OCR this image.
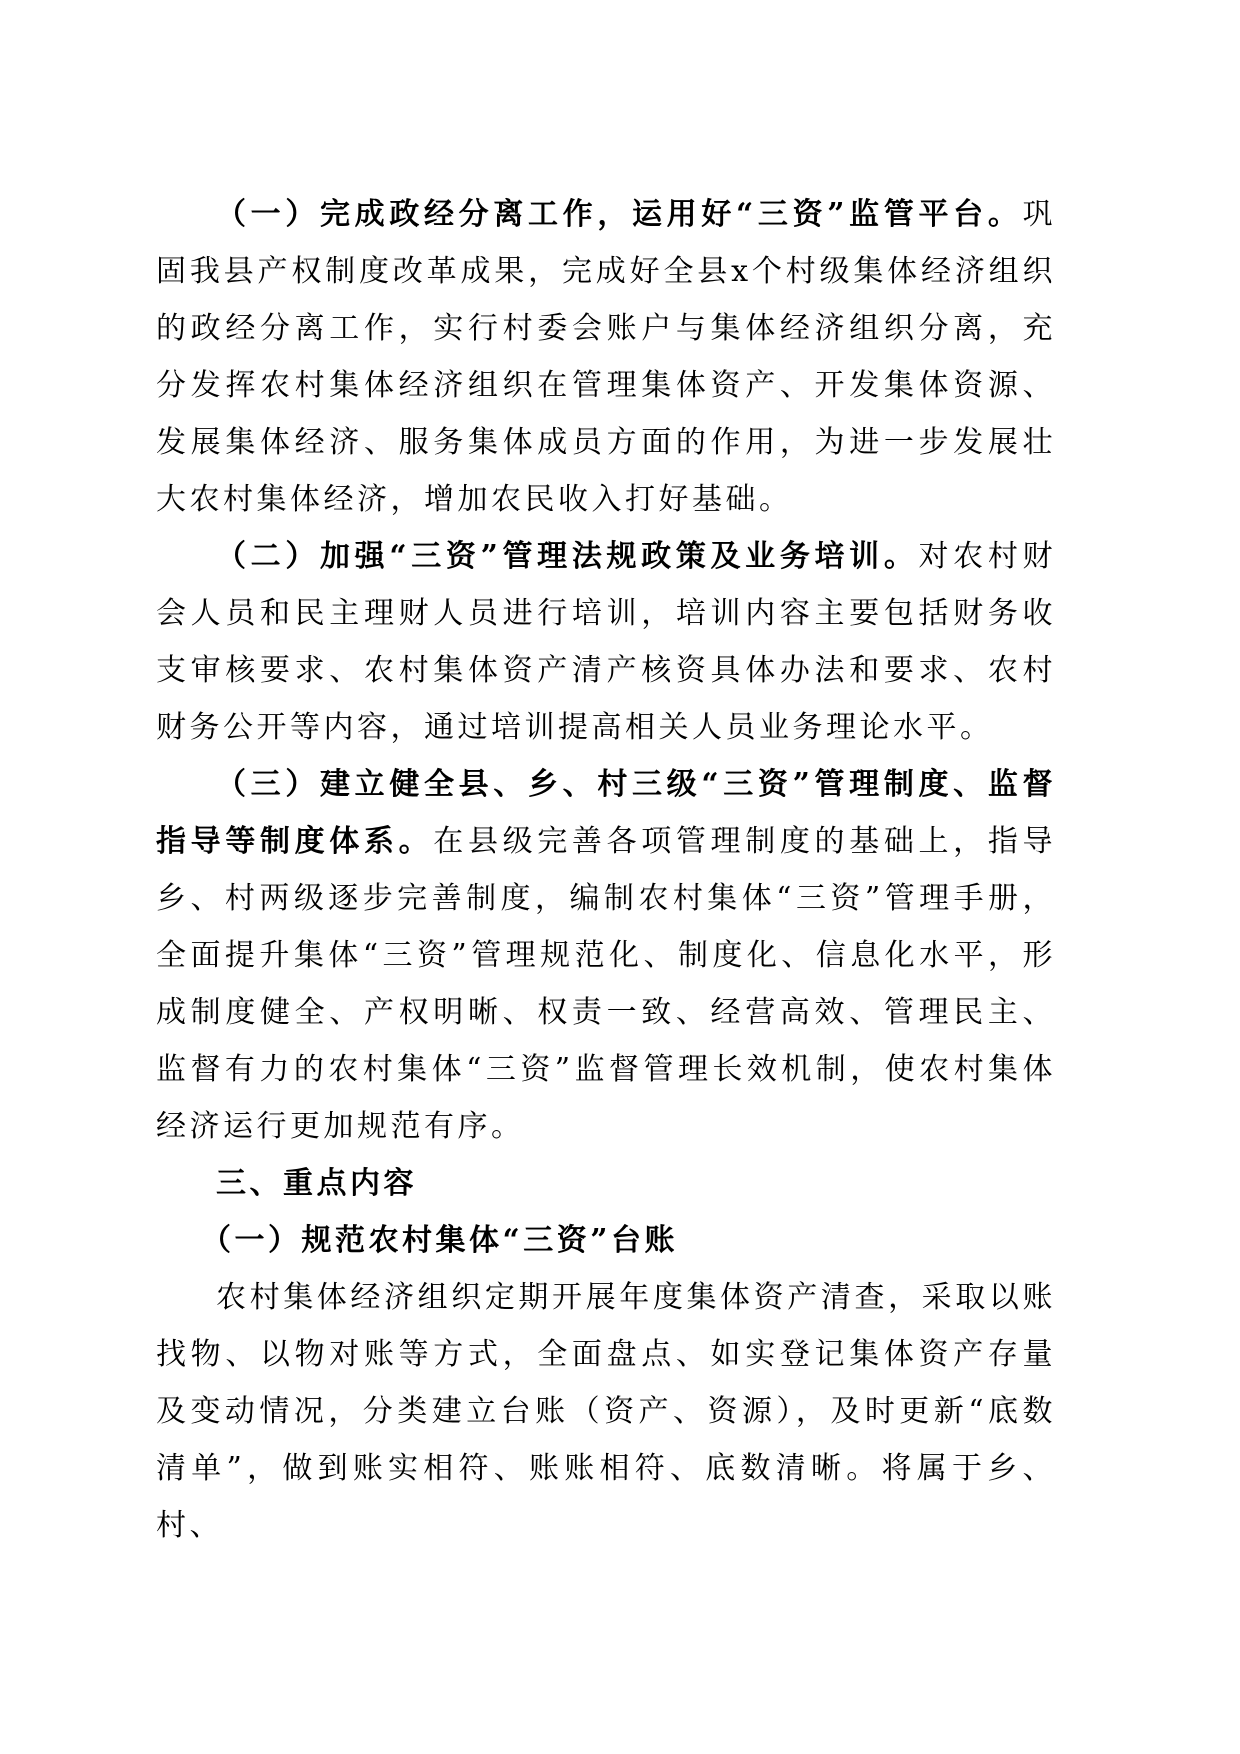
（一）完成政经分离工作，运用好“三资”监管平台。巩固我县产权制度改革成果，完成好全县x个村级集体经济组织的政经分离工作，实行村委会账户与集体经济组织分离，充分发挥农村集体经济组织在管理集体资产、开发集体资源、发展集体经济、服务集体成员方面的作用，为进一步发展壮大农村集体经济，增加农民收入打好基础。

（二）加强“三资”管理法规政策及业务培训。对农村财会人员和民主理财人员进行培训，培训内容主要包括财务收支审核要求、农村集体资产清产核资具体办法和要求、农村财务公开等内容，通过培训提高相关人员业务理论水平。

（三）建立健全县、乡、村三级“三资”管理制度、监督指导等制度体系。在县级完善各项管理制度的基础上，指导乡、村两级逐步完善制度，编制农村集体“三资”管理手册，全面提升集体“三资”管理规范化、制度化、信息化水平，形成制度健全、产权明晰、权责一致、经营高效、管理民主、监督有力的农村集体“三资”监督管理长效机制，使农村集体经济运行更加规范有序。

三、重点内容

（一）规范农村集体“三资”台账

农村集体经济组织定期开展年度集体资产清查，采取以账找物、以物对账等方式，全面盘点、如实登记集体资产存量及变动情况，分类建立台账（资产、资源），及时更新“底数清单”，做到账实相符、账账相符、底数清晰。将属于乡、村、
